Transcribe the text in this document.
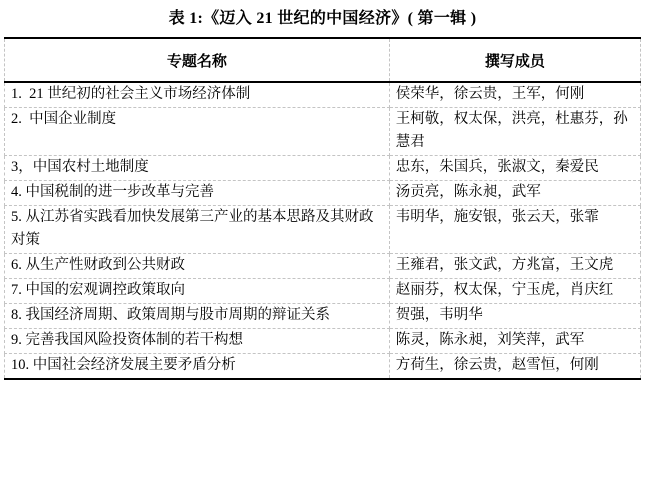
表 1:《迈入 21 世纪的中国经济》( 第一辑 )
专题名称	撰写成员
1.  21 世纪初的社会主义市场经济体制	侯荣华，徐云贵，王军，何刚
2.  中国企业制度	王柯敬，权太保，洪亮，杜惠芬，孙慧君
3，中国农村土地制度	忠东，朱国兵，张淑文，秦爱民
4. 中国税制的进一步改革与完善	汤贡亮，陈永昶，武军
5. 从江苏省实践看加快发展第三产业的基本思路及其财政对策	韦明华，施安银，张云天，张霏
6. 从生产性财政到公共财政	王雍君，张文武，方兆富，王文虎
7. 中国的宏观调控政策取向	赵丽芬，权太保，宁玉虎，肖庆红
8. 我国经济周期、政策周期与股市周期的辩证关系	贺强，韦明华
9. 完善我国风险投资体制的若干构想	陈灵，陈永昶，刘笑萍，武军
10. 中国社会经济发展主要矛盾分析	方荷生，徐云贵，赵雪恒，何刚
